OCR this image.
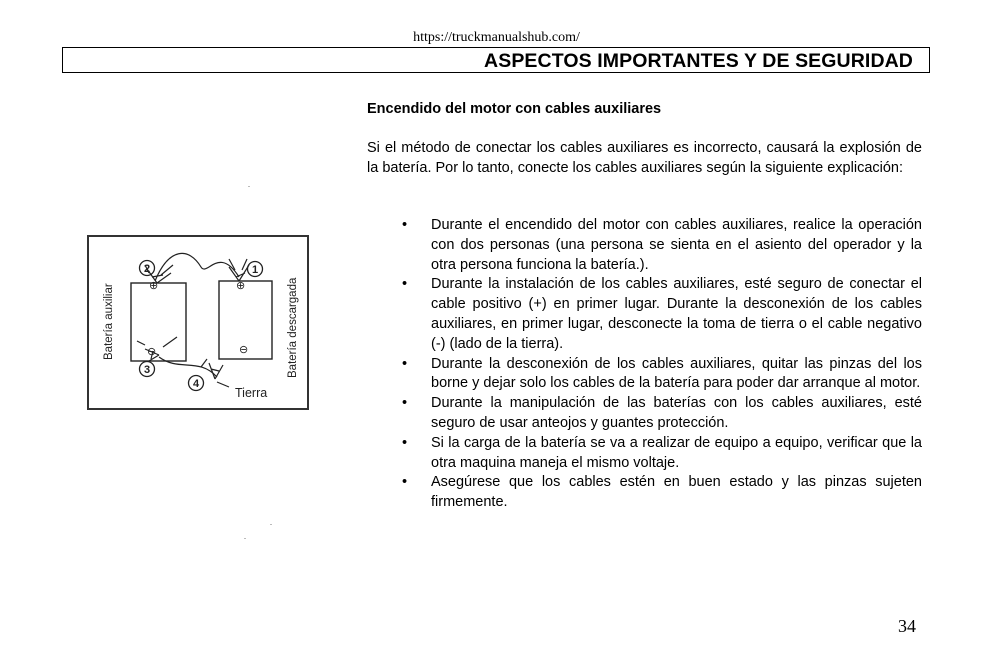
https://truckmanualshub.com/
ASPECTOS IMPORTANTES Y DE SEGURIDAD
Encendido del motor con cables auxiliares
Si el método de conectar los cables auxiliares es incorrecto, causará la explosión de la batería. Por lo tanto, conecte los cables auxiliares según la siguiente explicación:
• Durante el encendido del motor con cables auxiliares, realice la operación con dos personas (una persona se sienta en el asiento del operador y la otra persona funciona la batería.).
• Durante la instalación de los cables auxiliares, esté seguro de conectar el cable positivo (+) en primer lugar. Durante la desconexión de los cables auxiliares, en primer lugar, desconecte la toma de tierra o el cable negativo (-) (lado de la tierra).
• Durante la desconexión de los cables auxiliares, quitar las pinzas del los borne y dejar solo los cables de la batería para poder dar arranque al motor.
• Durante la manipulación de las baterías con los cables auxiliares, esté seguro de usar anteojos y guantes protección.
• Si la carga de la batería se va a realizar de equipo a equipo, verificar que la otra maquina maneja el mismo voltaje.
• Asegúrese que los cables estén en buen estado y las pinzas sujeten firmemente.
Batería auxiliar	Batería descargada
⊕
⊖
⊕
⊖
1
2
3
4
Tierra
34
